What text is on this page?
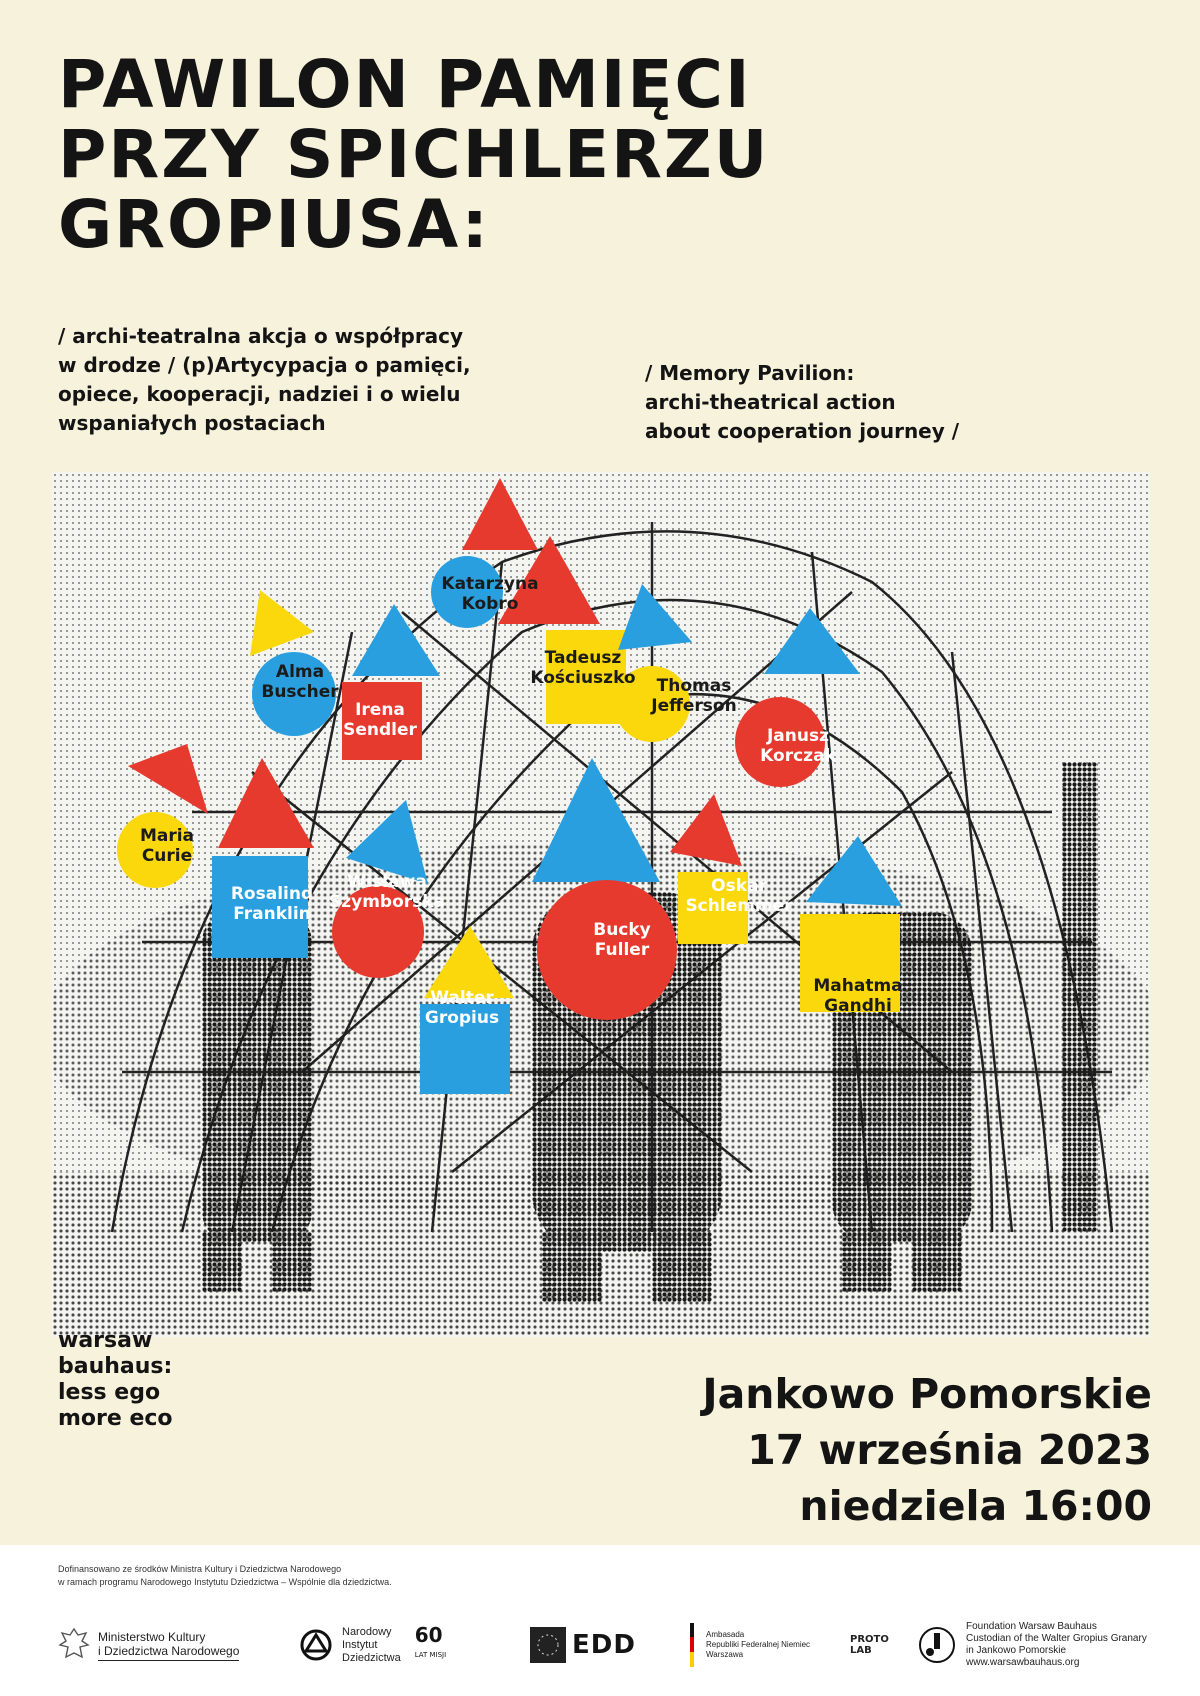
PAWILON PAMIĘCI
PRZY SPICHLERZU
GROPIUSA:
/ archi-teatralna akcja o współpracy
w drodze / (p)Artycypacja o pamięci,
opiece, kooperacji, nadziei i o wielu
wspaniałych postaciach
/ Memory Pavilion:
archi-theatrical action
about cooperation journey /
Katarzyna
Kobro
Alma
Buscher
Irena
Sendler
Tadeusz
Kościuszko	Thomas
Jefferson
Janusz
Korczak
Maria
Curie
Rosalind
Franklin
Wisława
Szymborska
Walter
Gropius
Bucky
Fuller
Oskar
Schlemmer
Mahatma
Gandhi
warsaw
bauhaus:
less ego
more eco
Jankowo Pomorskie
17 września 2023
niedziela 16:00
Dofinansowano ze środków Ministra Kultury i Dziedzictwa Narodowego
w ramach programu Narodowego Instytutu Dziedzictwa – Wspólnie dla dziedzictwa.
Ministerstwo Kultury
i Dziedzictwa Narodowego
Narodowy
Instytut
Dziedzictwa
60
LAT MISJI	EDD	Ambasada
Republiki Federalnej Niemiec
Warszawa
PROTO
LAB
Foundation Warsaw Bauhaus
Custodian of the Walter Gropius Granary
in Jankowo Pomorskie
www.warsawbauhaus.org
